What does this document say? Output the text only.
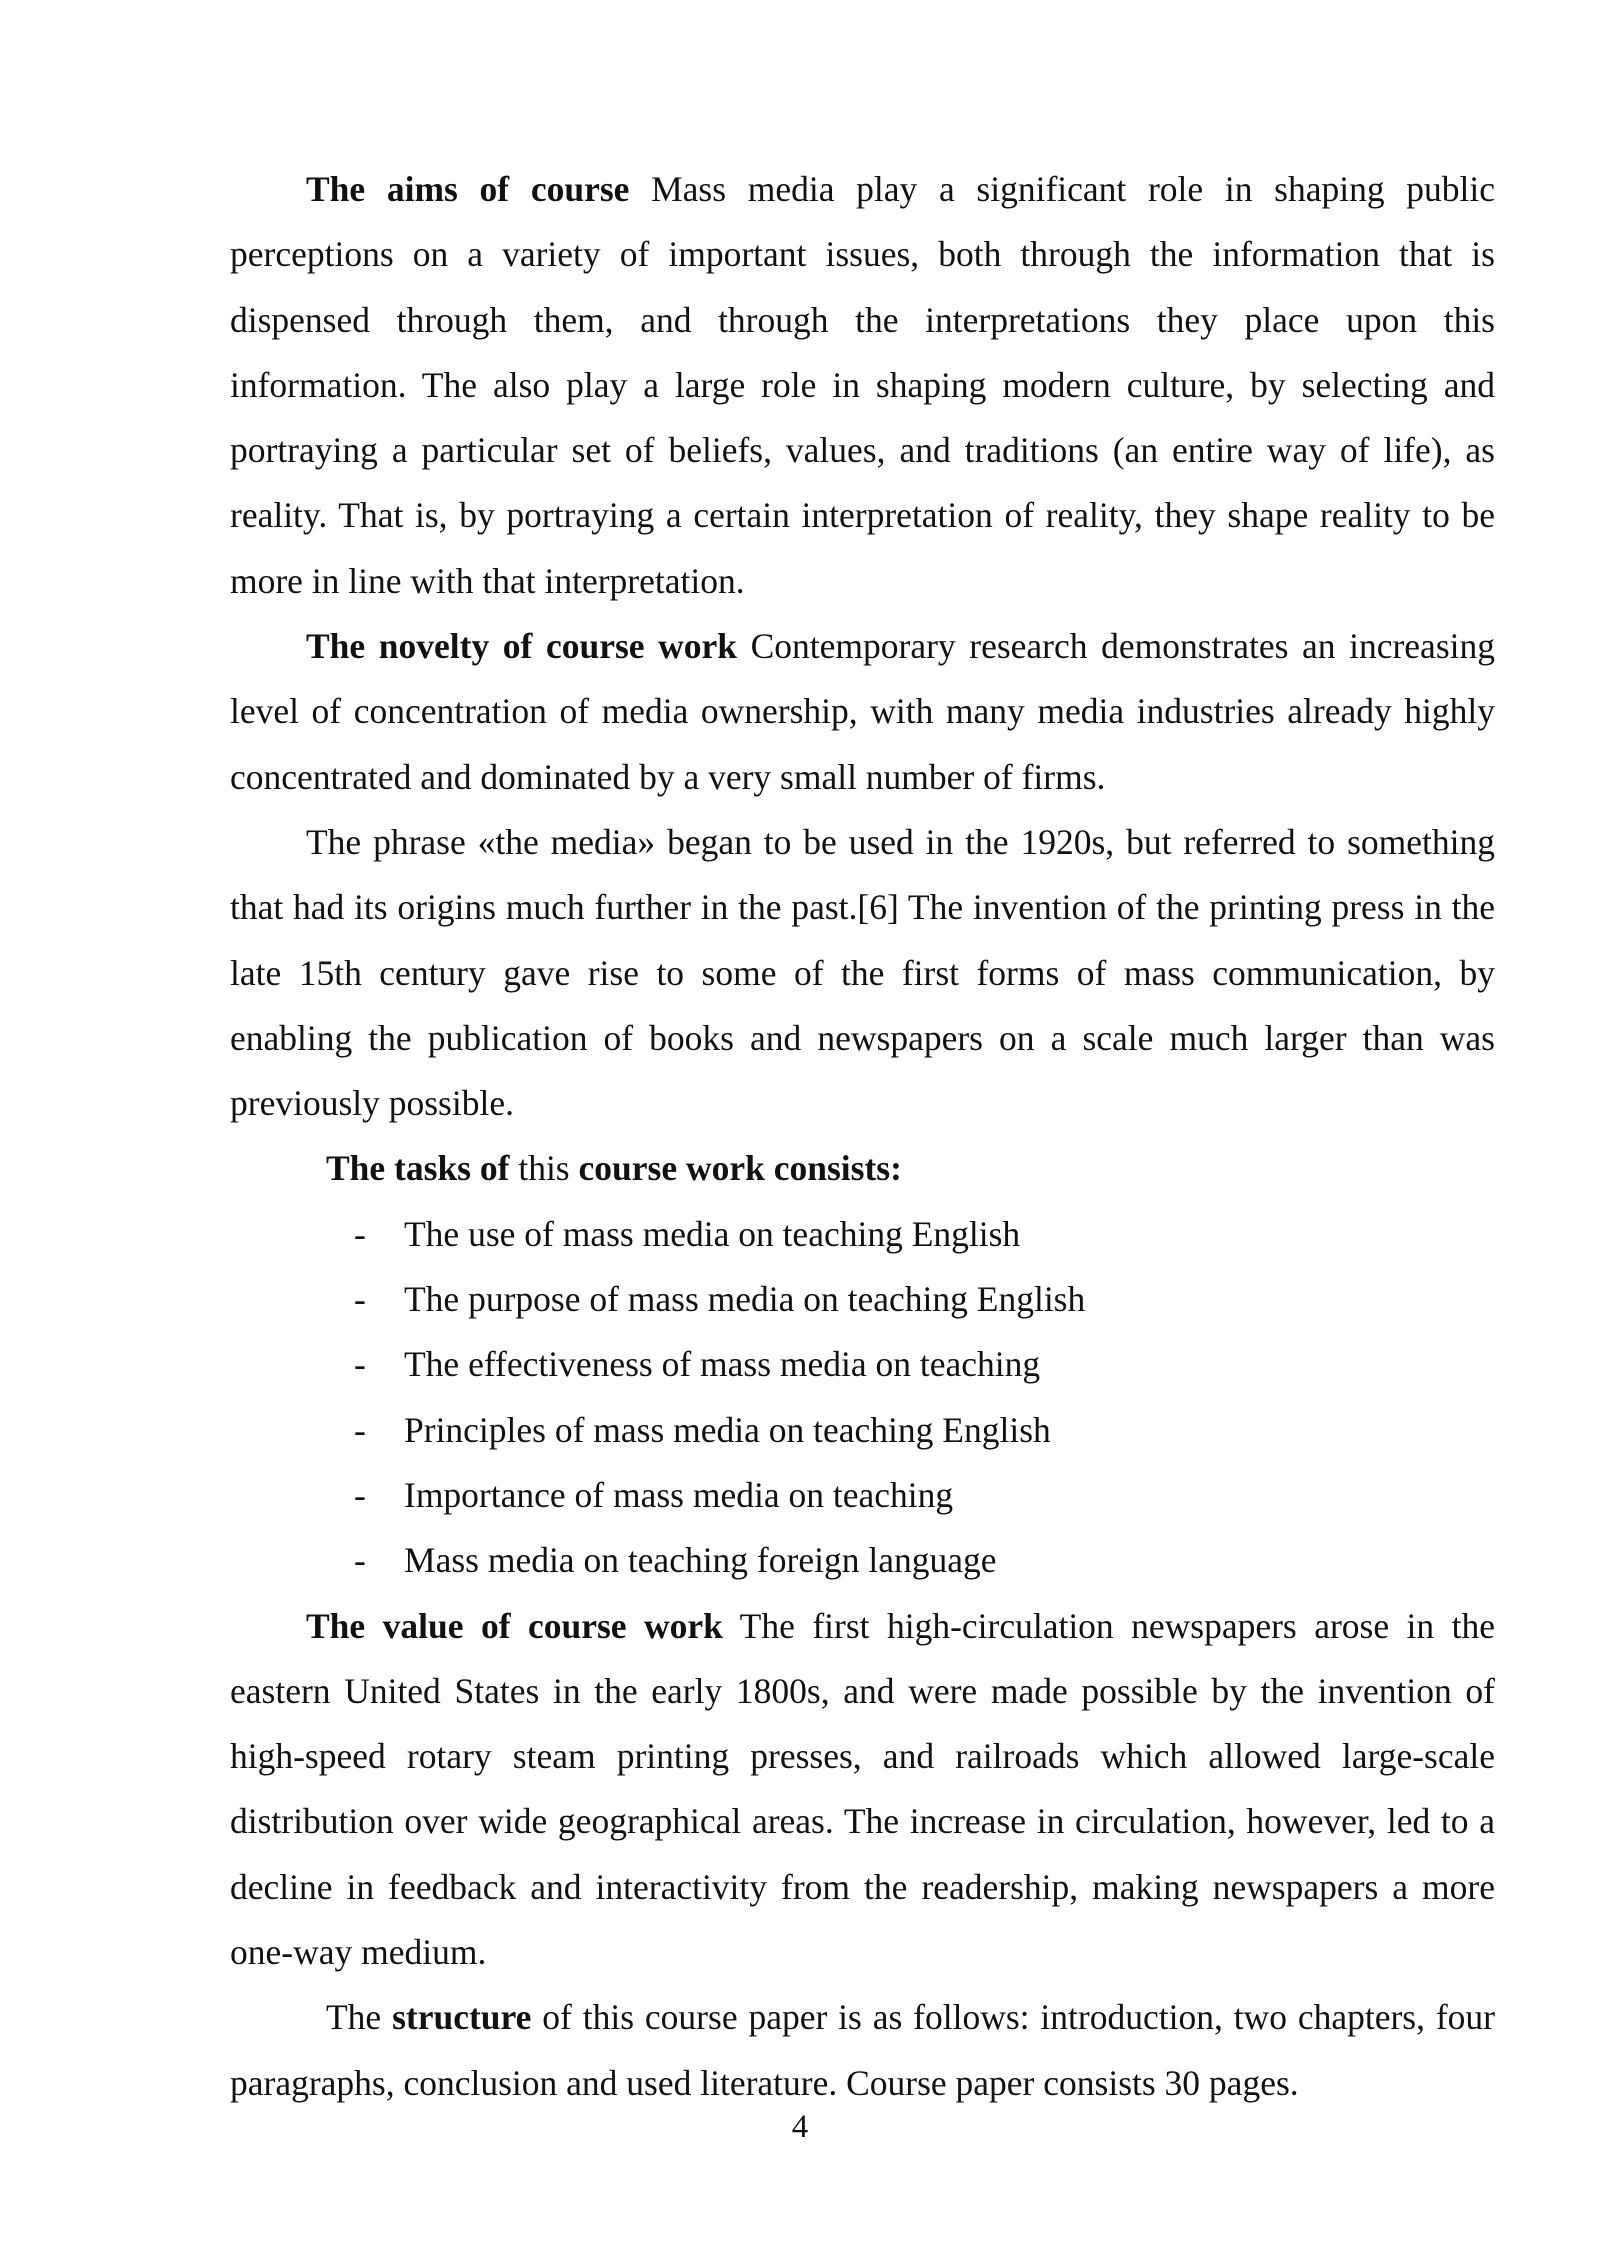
The aims of course Mass media play a significant role in shaping public perceptions on a variety of important issues, both through the information that is dispensed through them, and through the interpretations they place upon this information. The also play a large role in shaping modern culture, by selecting and portraying a particular set of beliefs, values, and traditions (an entire way of life), as reality. That is, by portraying a certain interpretation of reality, they shape reality to be more in line with that interpretation.

The novelty of course work Contemporary research demonstrates an increasing level of concentration of media ownership, with many media industries already highly concentrated and dominated by a very small number of firms.

The phrase «the media» began to be used in the 1920s, but referred to something that had its origins much further in the past.[6] The invention of the printing press in the late 15th century gave rise to some of the first forms of mass communication, by enabling the publication of books and newspapers on a scale much larger than was previously possible.

The tasks of this course work consists:

- The use of mass media on teaching English
- The purpose of mass media on teaching English
- The effectiveness of mass media on teaching
- Principles of mass media on teaching English
- Importance of mass media on teaching
- Mass media on teaching foreign language

The value of course work The first high-circulation newspapers arose in the eastern United States in the early 1800s, and were made possible by the invention of high-speed rotary steam printing presses, and railroads which allowed large-scale distribution over wide geographical areas. The increase in circulation, however, led to a decline in feedback and interactivity from the readership, making newspapers a more one-way medium.

The structure of this course paper is as follows: introduction, two chapters, four paragraphs, conclusion and used literature. Course paper consists 30 pages.

4
